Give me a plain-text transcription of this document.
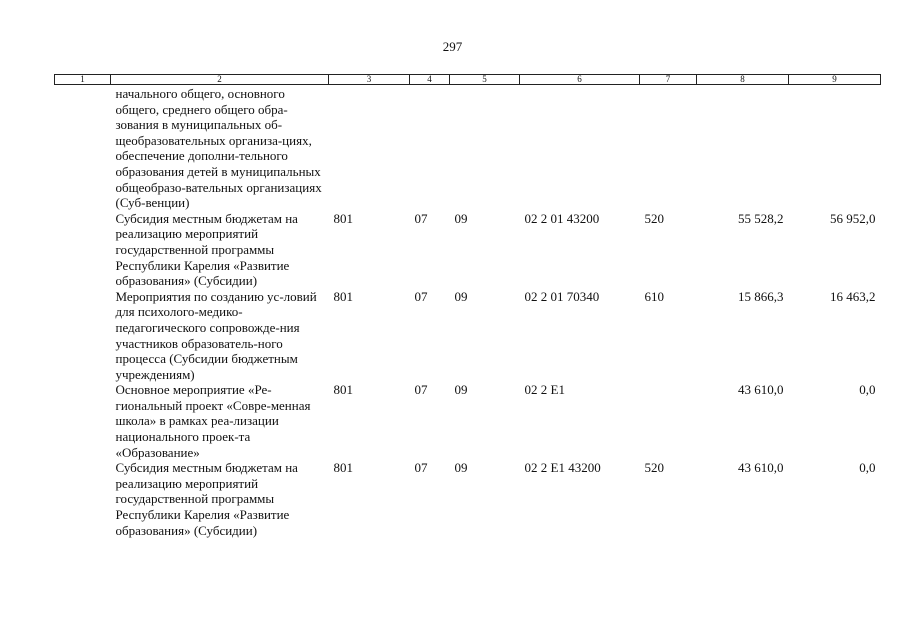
297
1	2	3	4	5	6	7	8	9
	начального общего, основного общего, среднего общего обра-зования в муниципальных об-щеобразовательных организа-циях, обеспечение дополни-тельного образования детей в муниципальных общеобразо-вательных организациях (Суб-венции)							
	Субсидия местным бюджетам на реализацию мероприятий государственной программы Республики Карелия «Развитие образования» (Субсидии)	801	07	09	02 2 01 43200	520	55 528,2	56 952,0
	Мероприятия по созданию ус-ловий для психолого-медико-педагогического сопровожде-ния участников образователь-ного процесса (Субсидии бюджетным учреждениям)	801	07	09	02 2 01 70340	610	15 866,3	16 463,2
	Основное мероприятие «Ре-гиональный проект «Совре-менная школа» в рамках реа-лизации национального проек-та «Образование»	801	07	09	02 2 E1		43 610,0	0,0
	Субсидия местным бюджетам на реализацию мероприятий государственной программы Республики Карелия «Развитие образования» (Субсидии)	801	07	09	02 2 E1 43200	520	43 610,0	0,0
